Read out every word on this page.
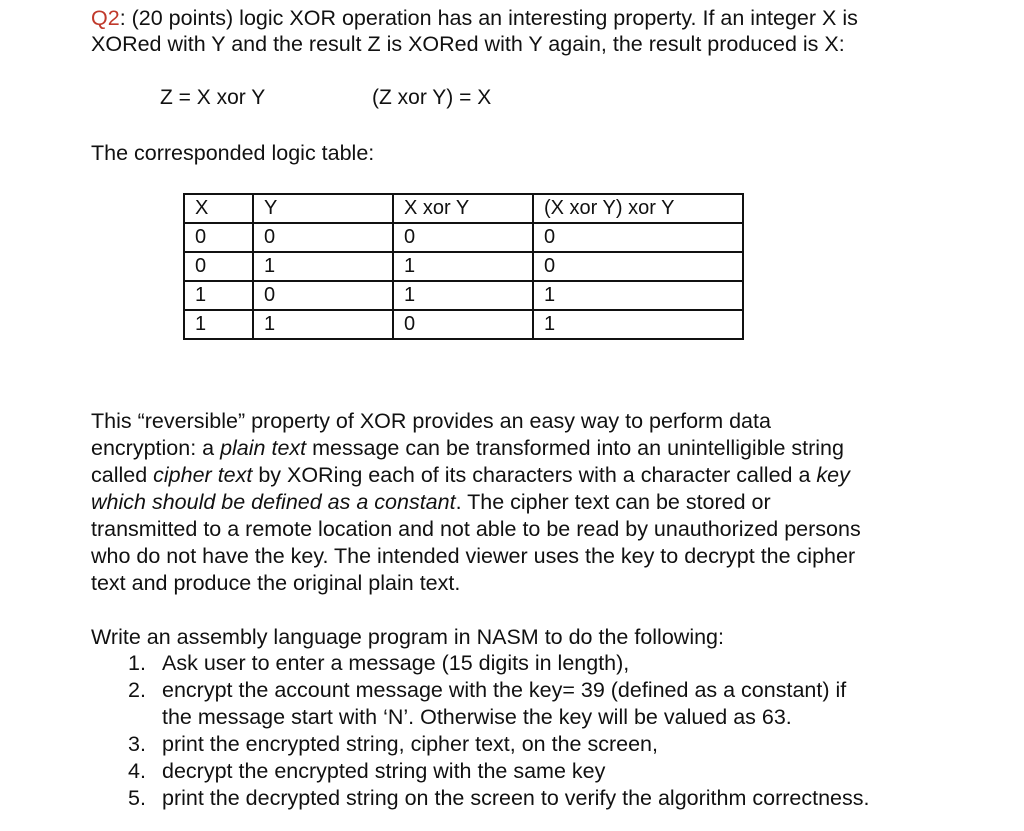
Q2: (20 points) logic XOR operation has an interesting property. If an integer X is
XORed with Y and the result Z is XORed with Y again, the result produced is X:
Z = X xor Y	(Z xor Y) = X
The corresponded logic table:
X	Y	X xor Y	(X xor Y) xor Y
0	0	0	0
0	1	1	0
1	0	1	1
1	1	0	1
This “reversible” property of XOR provides an easy way to perform data
encryption: a plain text message can be transformed into an unintelligible string
called cipher text by XORing each of its characters with a character called a key
which should be defined as a constant. The cipher text can be stored or
transmitted to a remote location and not able to be read by unauthorized persons
who do not have the key. The intended viewer uses the key to decrypt the cipher
text and produce the original plain text.
Write an assembly language program in NASM to do the following:
1. Ask user to enter a message (15 digits in length),
2. encrypt the account message with the key= 39 (defined as a constant) if
the message start with ‘N’. Otherwise the key will be valued as 63.
3. print the encrypted string, cipher text, on the screen,
4. decrypt the encrypted string with the same key
5. print the decrypted string on the screen to verify the algorithm correctness.
